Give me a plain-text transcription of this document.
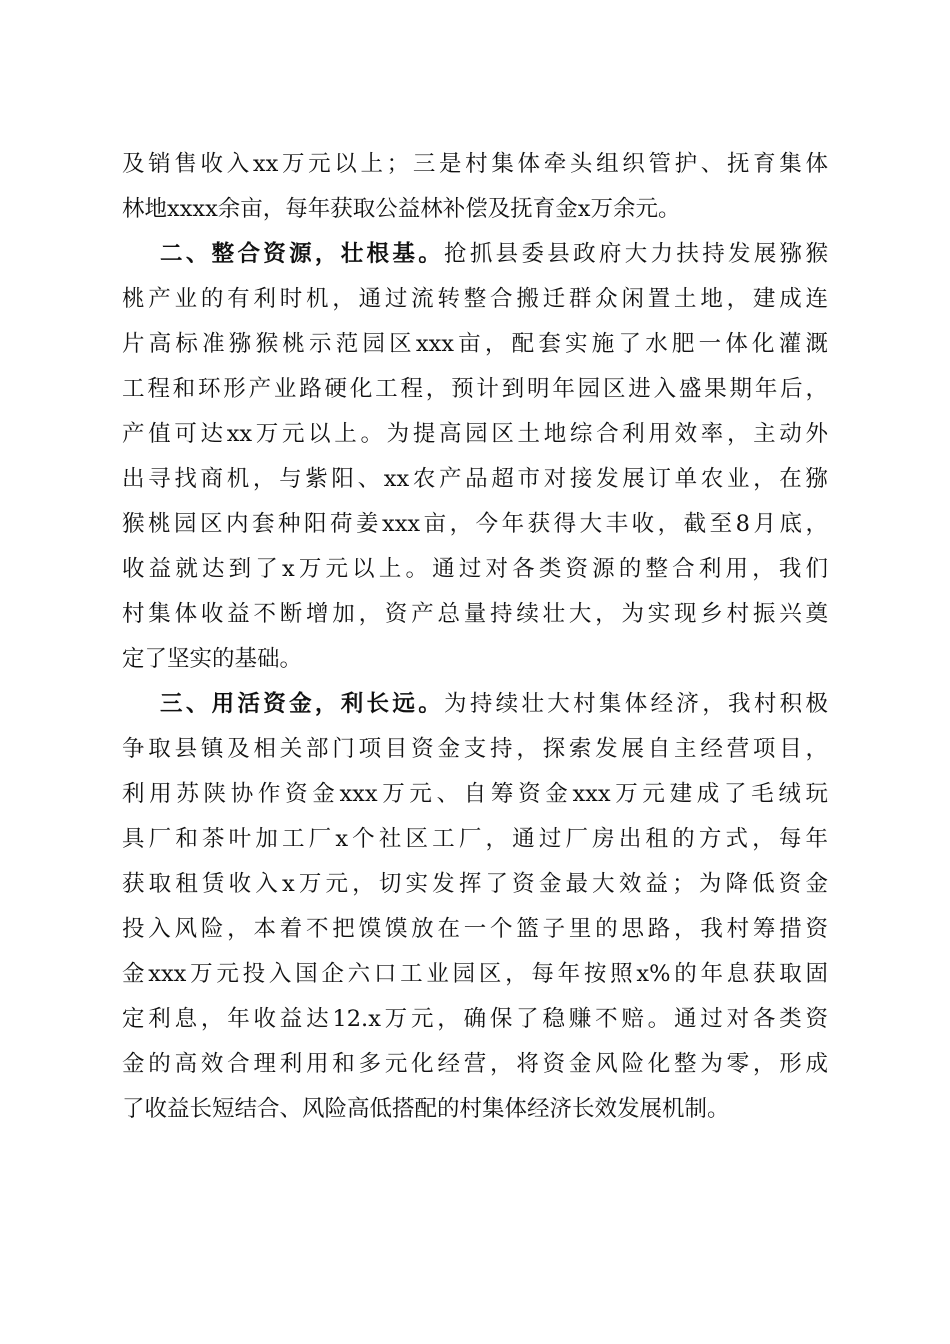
及销售收入xx万元以上；三是村集体牵头组织管护、抚育集体
林地xxxx余亩，每年获取公益林补偿及抚育金x万余元。
二、整合资源，壮根基。抢抓县委县政府大力扶持发展猕猴
桃产业的有利时机，通过流转整合搬迁群众闲置土地，建成连
片高标准猕猴桃示范园区xxx亩，配套实施了水肥一体化灌溉
工程和环形产业路硬化工程，预计到明年园区进入盛果期年后，
产值可达xx万元以上。为提高园区土地综合利用效率，主动外
出寻找商机，与紫阳、xx农产品超市对接发展订单农业，在猕
猴桃园区内套种阳荷姜xxx亩，今年获得大丰收，截至8月底，
收益就达到了x万元以上。通过对各类资源的整合利用，我们
村集体收益不断增加，资产总量持续壮大，为实现乡村振兴奠
定了坚实的基础。
三、用活资金，利长远。为持续壮大村集体经济，我村积极
争取县镇及相关部门项目资金支持，探索发展自主经营项目，
利用苏陕协作资金xxx万元、自筹资金xxx万元建成了毛绒玩
具厂和茶叶加工厂x个社区工厂，通过厂房出租的方式，每年
获取租赁收入x万元，切实发挥了资金最大效益；为降低资金
投入风险，本着不把馍馍放在一个篮子里的思路，我村筹措资
金xxx万元投入国企六口工业园区，每年按照x%的年息获取固
定利息，年收益达12.x万元，确保了稳赚不赔。通过对各类资
金的高效合理利用和多元化经营，将资金风险化整为零，形成
了收益长短结合、风险高低搭配的村集体经济长效发展机制。
